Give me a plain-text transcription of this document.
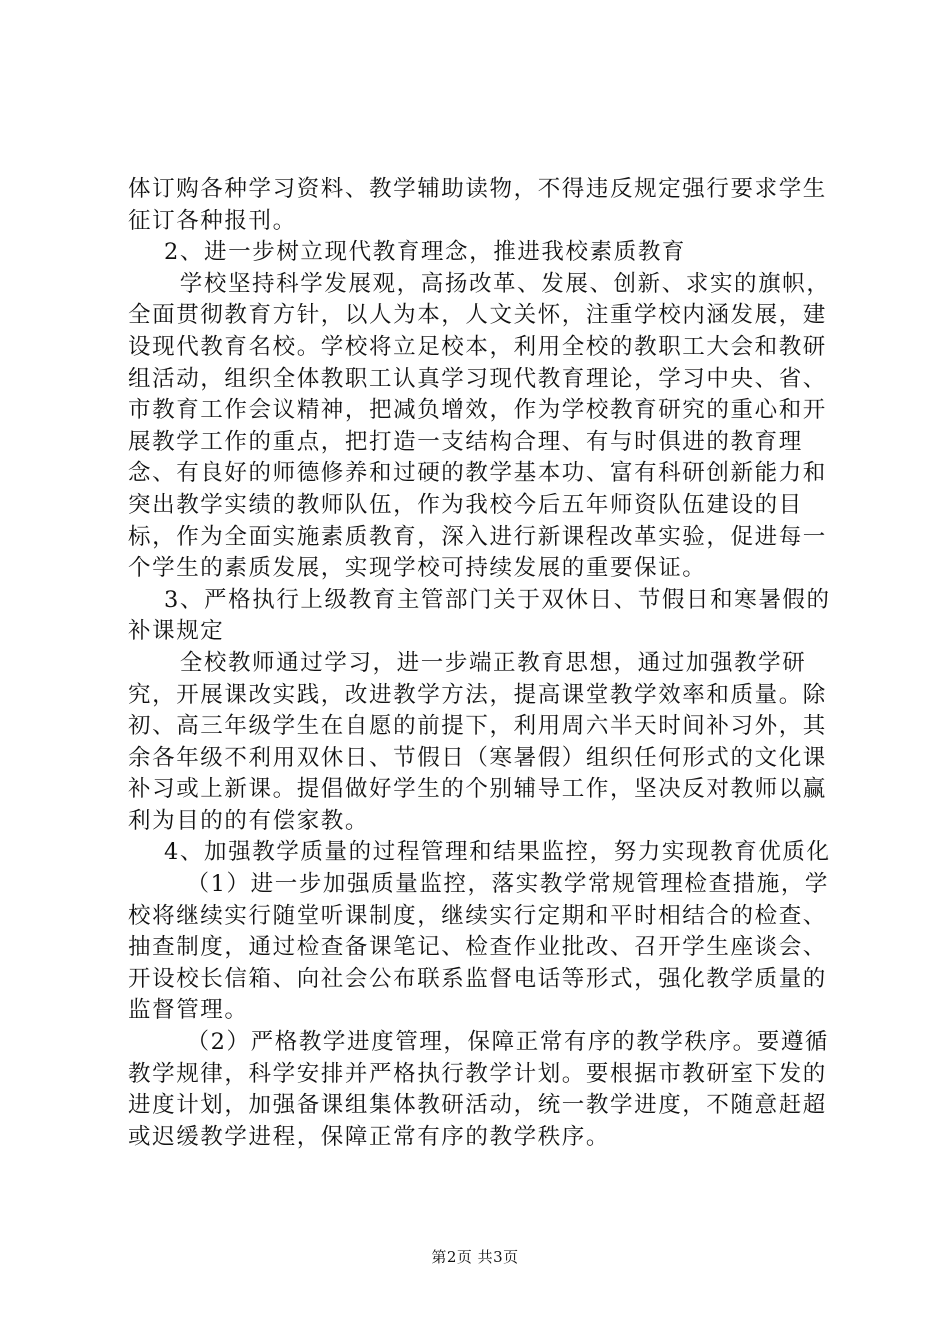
体订购各种学习资料、教学辅助读物，不得违反规定强行要求学生征订各种报刊。

2、进一步树立现代教育理念，推进我校素质教育

学校坚持科学发展观，高扬改革、发展、创新、求实的旗帜，全面贯彻教育方针，以人为本，人文关怀，注重学校内涵发展，建设现代教育名校。学校将立足校本，利用全校的教职工大会和教研组活动，组织全体教职工认真学习现代教育理论，学习中央、省、市教育工作会议精神，把减负增效，作为学校教育研究的重心和开展教学工作的重点，把打造一支结构合理、有与时俱进的教育理念、有良好的师德修养和过硬的教学基本功、富有科研创新能力和突出教学实绩的教师队伍，作为我校今后五年师资队伍建设的目标，作为全面实施素质教育，深入进行新课程改革实验，促进每一个学生的素质发展，实现学校可持续发展的重要保证。

3、严格执行上级教育主管部门关于双休日、节假日和寒暑假的补课规定

全校教师通过学习，进一步端正教育思想，通过加强教学研究，开展课改实践，改进教学方法，提高课堂教学效率和质量。除初、高三年级学生在自愿的前提下，利用周六半天时间补习外，其余各年级不利用双休日、节假日（寒暑假）组织任何形式的文化课补习或上新课。提倡做好学生的个别辅导工作，坚决反对教师以赢利为目的的有偿家教。

4、加强教学质量的过程管理和结果监控，努力实现教育优质化

（1）进一步加强质量监控，落实教学常规管理检查措施，学校将继续实行随堂听课制度，继续实行定期和平时相结合的检查、抽查制度，通过检查备课笔记、检查作业批改、召开学生座谈会、开设校长信箱、向社会公布联系监督电话等形式，强化教学质量的监督管理。

（2）严格教学进度管理，保障正常有序的教学秩序。要遵循教学规律，科学安排并严格执行教学计划。要根据市教研室下发的进度计划，加强备课组集体教研活动，统一教学进度，不随意赶超或迟缓教学进程，保障正常有序的教学秩序。

第2页 共3页
